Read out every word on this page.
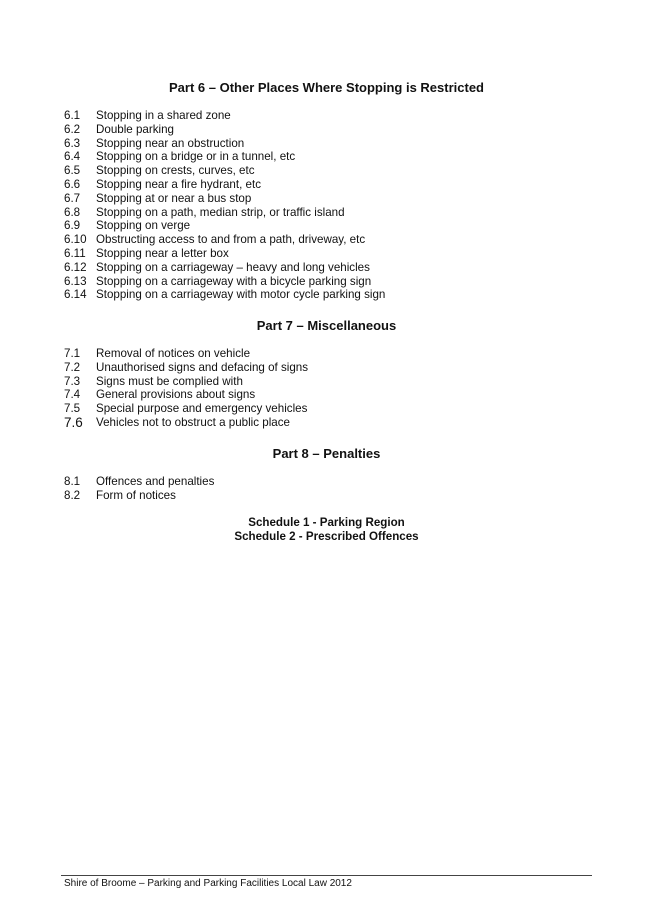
Part 6 – Other Places Where Stopping is Restricted
6.1	Stopping in a shared zone
6.2	Double parking
6.3	Stopping near an obstruction
6.4	Stopping on a bridge or in a tunnel, etc
6.5	Stopping on crests, curves, etc
6.6	Stopping near a fire hydrant, etc
6.7	Stopping at or near a bus stop
6.8	Stopping on a path, median strip, or traffic island
6.9	Stopping on verge
6.10 Obstructing access to and from a path, driveway, etc
6.11 Stopping near a letter box
6.12 Stopping on a carriageway – heavy and long vehicles
6.13 Stopping on a carriageway with a bicycle parking sign
6.14 Stopping on a carriageway with motor cycle parking sign
Part 7 – Miscellaneous
7.1	Removal of notices on vehicle
7.2	Unauthorised signs and defacing of signs
7.3	Signs must be complied with
7.4	General provisions about signs
7.5	Special purpose and emergency vehicles
7.6	Vehicles not to obstruct a public place
Part 8 – Penalties
8.1	Offences and penalties
8.2	Form of notices
Schedule 1 - Parking Region
Schedule 2 - Prescribed Offences
Shire of Broome – Parking and Parking Facilities Local Law 2012
